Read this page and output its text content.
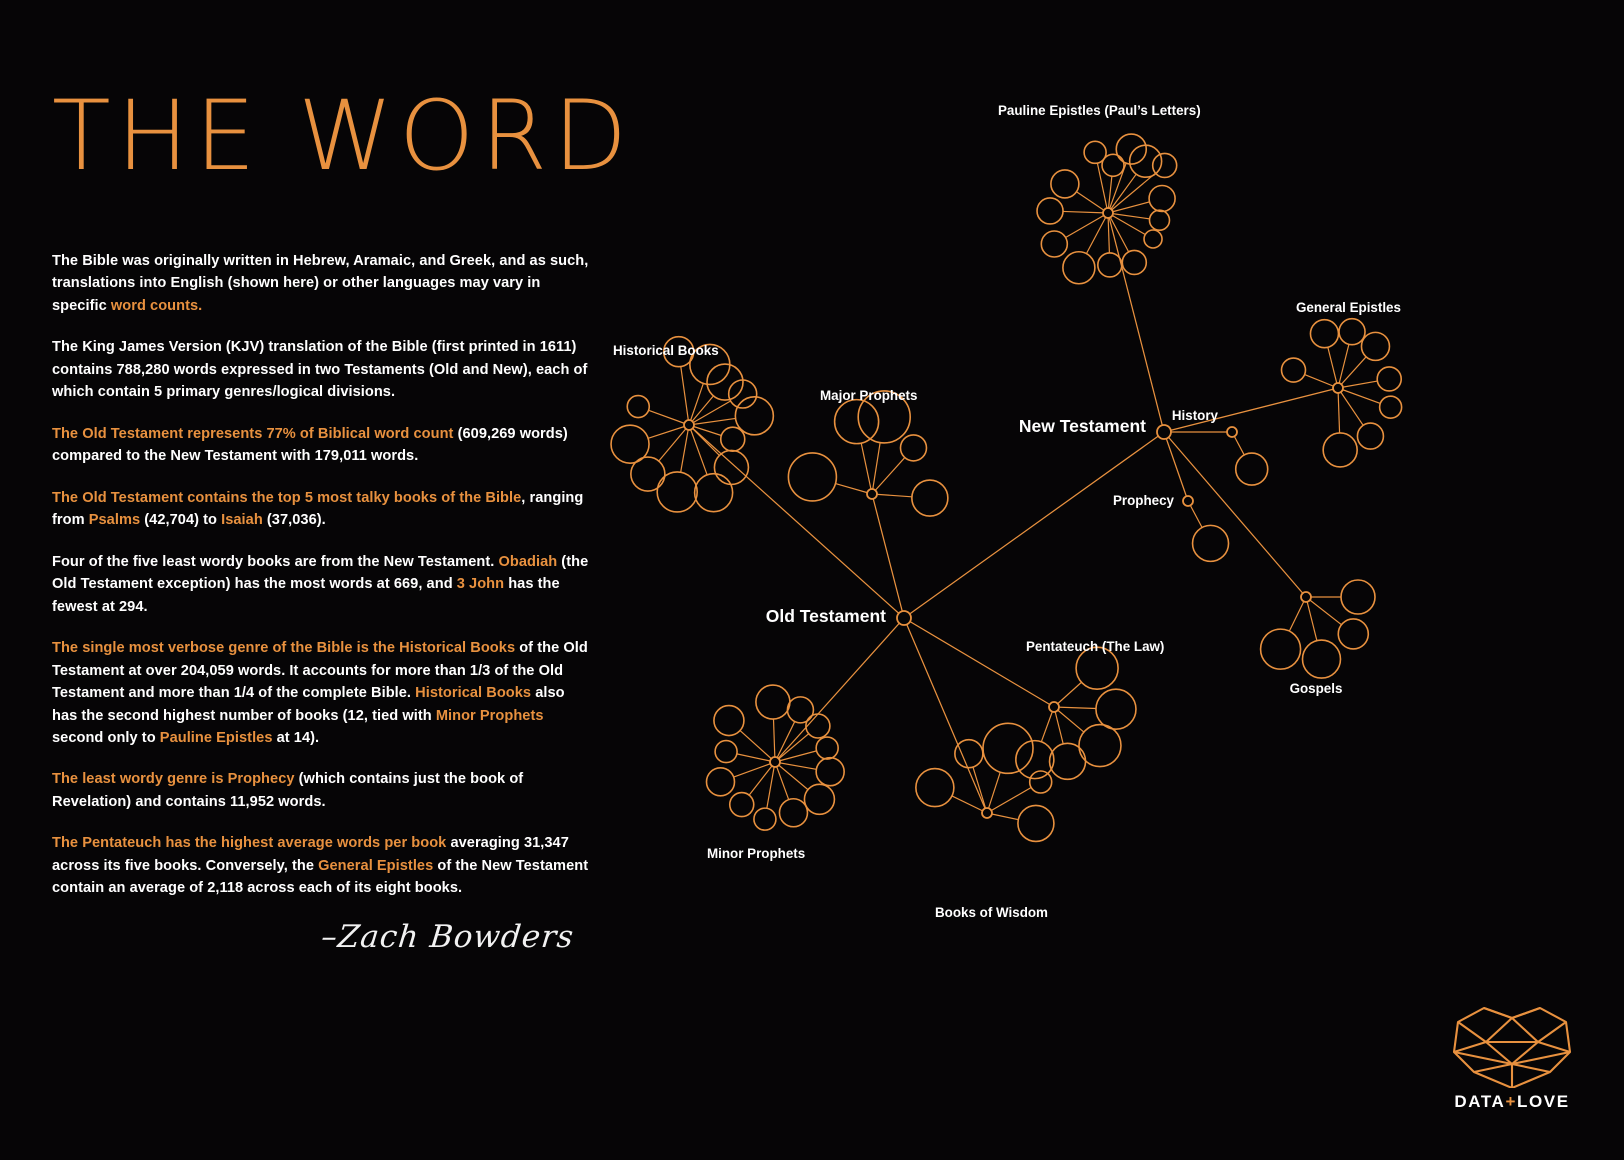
THE WORD

The Bible was originally written in Hebrew, Aramaic, and Greek, and as such, translations into English (shown here) or other languages may vary in specific word counts.

The King James Version (KJV) translation of the Bible (first printed in 1611) contains 788,280 words expressed in two Testaments (Old and New), each of which contain 5 primary genres/logical divisions.

The Old Testament represents 77% of Biblical word count (609,269 words) compared to the New Testament with 179,011 words.

The Old Testament contains the top 5 most talky books of the Bible, ranging from Psalms (42,704) to Isaiah (37,036).

Four of the five least wordy books are from the New Testament. Obadiah (the Old Testament exception) has the most words at 669, and 3 John has the fewest at 294.

The single most verbose genre of the Bible is the Historical Books of the Old Testament at over 204,059 words. It accounts for more than 1/3 of the Old Testament and more than 1/4 of the complete Bible. Historical Books also has the second highest number of books (12, tied with Minor Prophets second only to Pauline Epistles at 14).

The least wordy genre is Prophecy (which contains just the book of Revelation) and contains 11,952 words.

The Pentateuch has the highest average words per book averaging 31,347 across its five books. Conversely, the General Epistles of the New Testament contain an average of 2,118 across each of its eight books.

–Zach Bowders
Old Testament
New Testament
Historical Books
Major Prophets
Minor Prophets
Books of Wisdom
Pentateuch (The Law)
Pauline Epistles (Paul’s Letters)
General Epistles
History
Prophecy
Gospels
DATA+LOVE
